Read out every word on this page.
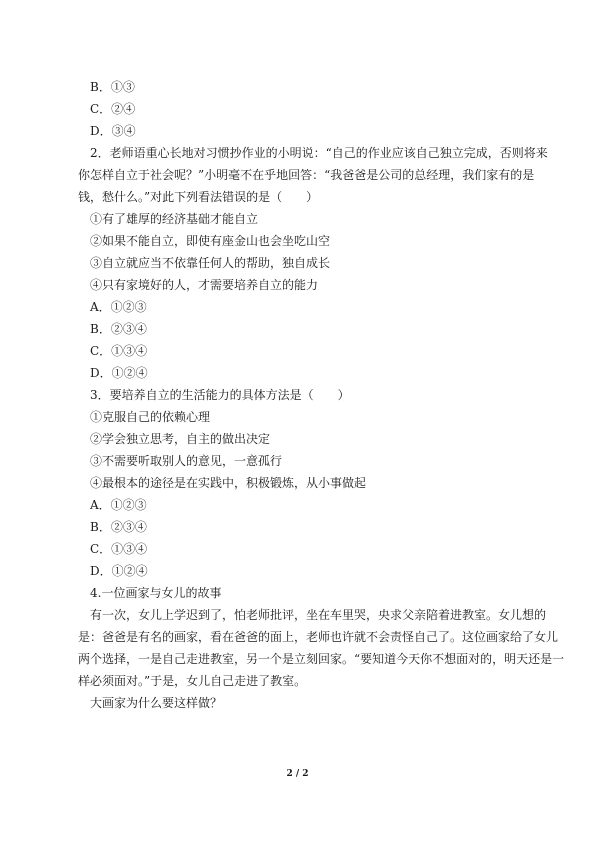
B．①③
C．②④
D．③④
2．老师语重心长地对习惯抄作业的小明说：“自己的作业应该自己独立完成，否则将来
你怎样自立于社会呢？”小明毫不在乎地回答：“我爸爸是公司的总经理，我们家有的是
钱，愁什么。”对此下列看法错误的是（　　）
①有了雄厚的经济基础才能自立
②如果不能自立，即使有座金山也会坐吃山空
③自立就应当不依靠任何人的帮助，独自成长
④只有家境好的人，才需要培养自立的能力
A．①②③
B．②③④
C．①③④
D．①②④
3．要培养自立的生活能力的具体方法是（　　）
①克服自己的依赖心理
②学会独立思考，自主的做出决定
③不需要听取别人的意见，一意孤行
④最根本的途径是在实践中，积极锻炼，从小事做起
A．①②③
B．②③④
C．①③④
D．①②④
4.一位画家与女儿的故事
有一次，女儿上学迟到了，怕老师批评，坐在车里哭，央求父亲陪着进教室。女儿想的
是：爸爸是有名的画家，看在爸爸的面上，老师也许就不会责怪自己了。这位画家给了女儿
两个选择，一是自己走进教室，另一个是立刻回家。“要知道今天你不想面对的，明天还是一
样必须面对。”于是，女儿自己走进了教室。
大画家为什么要这样做？
2 / 2
